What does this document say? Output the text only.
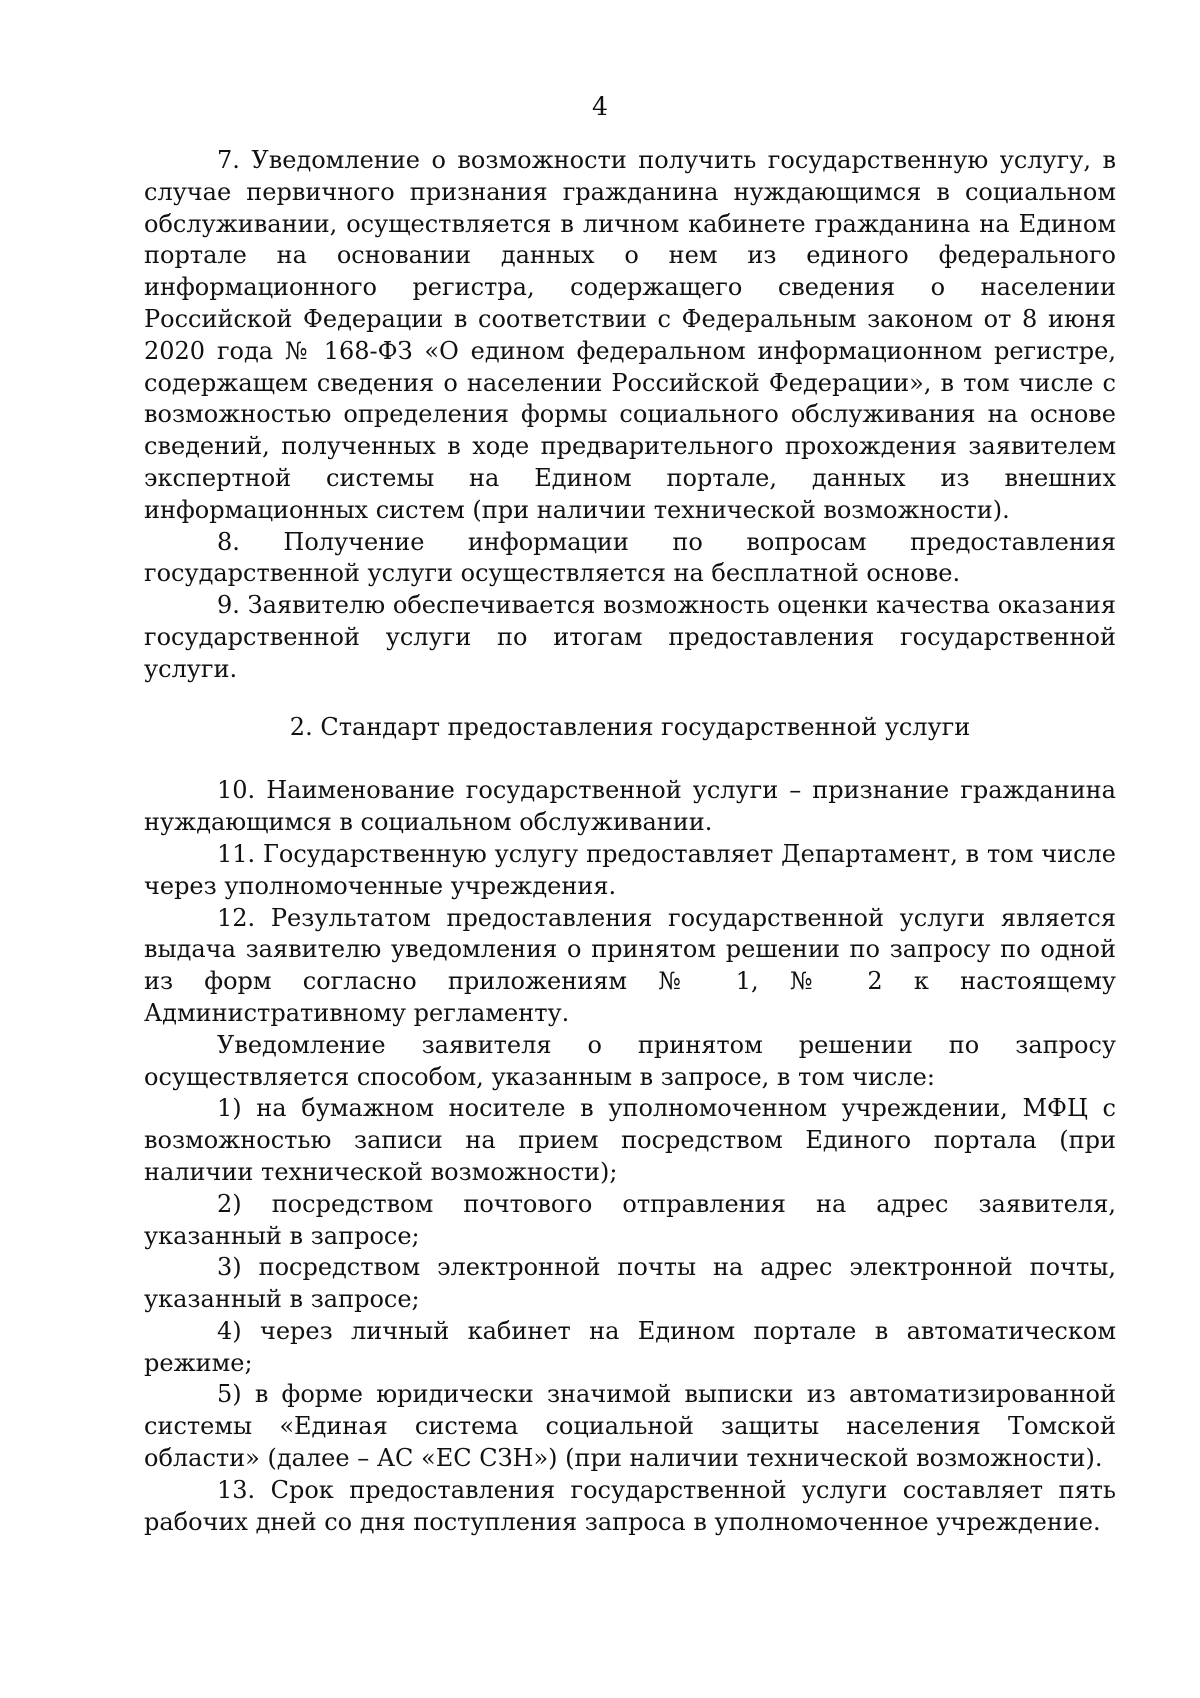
4

7. Уведомление о возможности получить государственную услугу, в случае первичного признания гражданина нуждающимся в социальном обслуживании, осуществляется в личном кабинете гражданина на Едином портале на основании данных о нем из единого федерального информационного регистра, содержащего сведения о населении Российской Федерации в соответствии с Федеральным законом от 8 июня 2020 года № 168-ФЗ «О едином федеральном информационном регистре, содержащем сведения о населении Российской Федерации», в том числе с возможностью определения формы социального обслуживания на основе сведений, полученных в ходе предварительного прохождения заявителем экспертной системы на Едином портале, данных из внешних информационных систем (при наличии технической возможности).

8. Получение информации по вопросам предоставления государственной услуги осуществляется на бесплатной основе.

9. Заявителю обеспечивается возможность оценки качества оказания государственной услуги по итогам предоставления государственной услуги.

2. Стандарт предоставления государственной услуги

10. Наименование государственной услуги – признание гражданина нуждающимся в социальном обслуживании.

11. Государственную услугу предоставляет Департамент, в том числе через уполномоченные учреждения.

12. Результатом предоставления государственной услуги является выдача заявителю уведомления о принятом решении по запросу по одной из форм согласно приложениям № 1, № 2 к настоящему Административному регламенту.

Уведомление заявителя о принятом решении по запросу осуществляется способом, указанным в запросе, в том числе:

1) на бумажном носителе в уполномоченном учреждении, МФЦ с возможностью записи на прием посредством Единого портала (при наличии технической возможности);

2) посредством почтового отправления на адрес заявителя, указанный в запросе;

3) посредством электронной почты на адрес электронной почты, указанный в запросе;

4) через личный кабинет на Едином портале в автоматическом режиме;

5) в форме юридически значимой выписки из автоматизированной системы «Единая система социальной защиты населения Томской области» (далее – АС «ЕС СЗН») (при наличии технической возможности).

13. Срок предоставления государственной услуги составляет пять рабочих дней со дня поступления запроса в уполномоченное учреждение.
